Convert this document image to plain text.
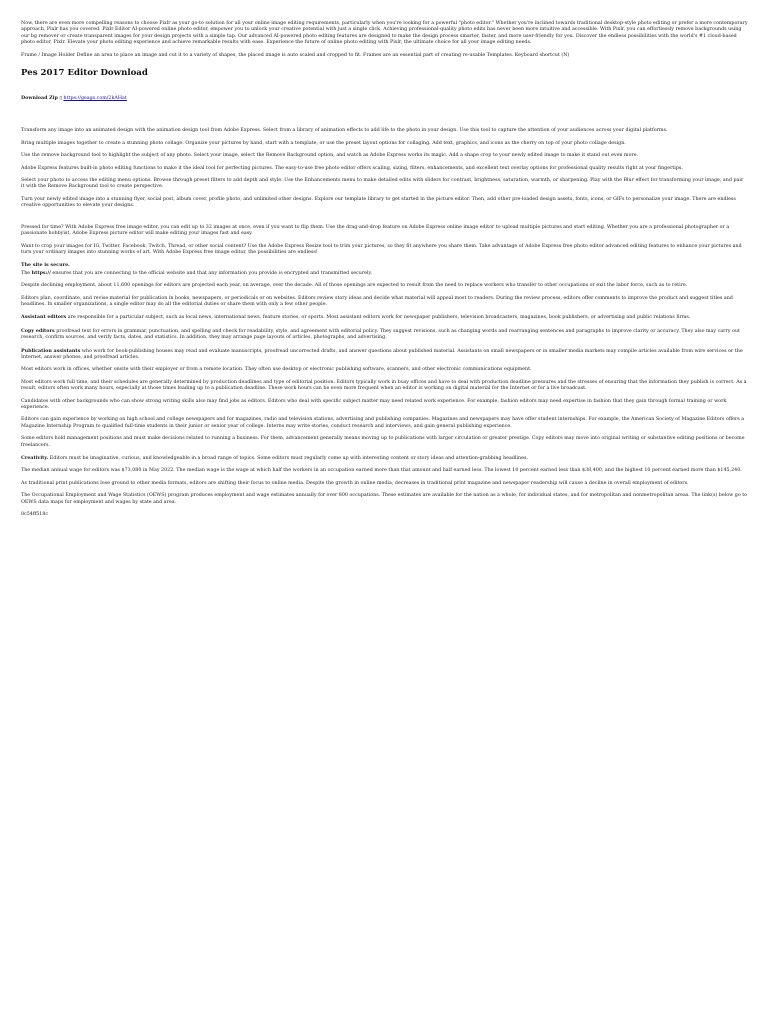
Now, there are even more compelling reasons to choose Pixlr as your go-to solution for all your online image editing requirements, particularly when you're looking for a powerful "photo editor." Whether you're inclined towards traditional desktop-style photo editing or prefer a more contemporary approach, Pixlr has you covered. Pixlr Editor AI-powered online photo editor, empower you to unlock your creative potential with just a single click. Achieving professional-quality photo edits has never been more intuitive and accessible. With Pixlr, you can effortlessly remove backgrounds using our bg remover or create transparent images for your design projects with a simple tap. Our advanced AI-powered photo editing features are designed to make the design process smarter, faster, and more user-friendly for you. Discover the endless possibilities with the world's #1 cloud-based photo editor, Pixlr. Elevate your photo editing experience and achieve remarkable results with ease. Experience the future of online photo editing with Pixlr, the ultimate choice for all your image editing needs.

Frame / Image Holder Define an area to place an image and cut it to a variety of shapes, the placed image is auto scaled and cropped to fit. Frames are an essential part of creating re-usable Templates. Keyboard shortcut (N)

Pes 2017 Editor Download

Download Zip ▯ https://geags.com/2kAHat

Transform any image into an animated design with the animation design tool from Adobe Express. Select from a library of animation effects to add life to the photo in your design. Use this tool to capture the attention of your audiences across your digital platforms.

Bring multiple images together to create a stunning photo collage. Organize your pictures by hand, start with a template, or use the preset layout options for collaging. Add text, graphics, and icons as the cherry on top of your photo collage design.

Use the remove background tool to highlight the subject of any photo. Select your image, select the Remove Background option, and watch as Adobe Express works its magic. Add a shape crop to your newly edited image to make it stand out even more.

Adobe Express features built-in photo editing functions to make it the ideal tool for perfecting pictures. The easy-to-use free photo editor offers scaling, sizing, filters, enhancements, and excellent text overlay options for professional quality results right at your fingertips.

Select your photo to access the editing menu options. Browse through preset filters to add depth and style. Use the Enhancements menu to make detailed edits with sliders for contrast, brightness, saturation, warmth, or sharpening. Play with the Blur effect for transforming your image, and pair it with the Remove Background tool to create perspective.

Turn your newly edited image into a stunning flyer, social post, album cover, profile photo, and unlimited other designs. Explore our template library to get started in the picture editor. Then, add other pre-loaded design assets, fonts, icons, or GIFs to personalize your image. There are endless creative opportunities to elevate your designs.

Pressed for time? With Adobe Express free image editor, you can edit up to 32 images at once, even if you want to flip them. Use the drag-and-drop feature on Adobe Express online image editor to upload multiple pictures and start editing. Whether you are a professional photographer or a passionate hobbyist, Adobe Express picture editor will make editing your images fast and easy.

Want to crop your images for IG, Twitter, Facebook, Twitch, Thread, or other social content? Use the Adobe Express Resize tool to trim your pictures, so they fit anywhere you share them. Take advantage of Adobe Express free photo editor advanced editing features to enhance your pictures and turn your ordinary images into stunning works of art. With Adobe Express free image editor, the possibilities are endless!

The site is secure.

The https:// ensures that you are connecting to the official website and that any information you provide is encrypted and transmitted securely.

Despite declining employment, about 11,600 openings for editors are projected each year, on average, over the decade. All of those openings are expected to result from the need to replace workers who transfer to other occupations or exit the labor force, such as to retire.

Editors plan, coordinate, and revise material for publication in books, newspapers, or periodicals or on websites. Editors review story ideas and decide what material will appeal most to readers. During the review process, editors offer comments to improve the product and suggest titles and headlines. In smaller organizations, a single editor may do all the editorial duties or share them with only a few other people.

Assistant editors are responsible for a particular subject, such as local news, international news, feature stories, or sports. Most assistant editors work for newspaper publishers, television broadcasters, magazines, book publishers, or advertising and public relations firms.

Copy editors proofread text for errors in grammar, punctuation, and spelling and check for readability, style, and agreement with editorial policy. They suggest revisions, such as changing words and rearranging sentences and paragraphs to improve clarity or accuracy. They also may carry out research, confirm sources, and verify facts, dates, and statistics. In addition, they may arrange page layouts of articles, photographs, and advertising.

Publication assistants who work for book-publishing houses may read and evaluate manuscripts, proofread uncorrected drafts, and answer questions about published material. Assistants on small newspapers or in smaller media markets may compile articles available from wire services or the Internet, answer phones, and proofread articles.

Most editors work in offices, whether onsite with their employer or from a remote location. They often use desktop or electronic publishing software, scanners, and other electronic communications equipment.

Most editors work full time, and their schedules are generally determined by production deadlines and type of editorial position. Editors typically work in busy offices and have to deal with production deadline pressures and the stresses of ensuring that the information they publish is correct. As a result, editors often work many hours, especially at those times leading up to a publication deadline. These work hours can be even more frequent when an editor is working on digital material for the Internet or for a live broadcast.

Candidates with other backgrounds who can show strong writing skills also may find jobs as editors. Editors who deal with specific subject matter may need related work experience. For example, fashion editors may need expertise in fashion that they gain through formal training or work experience.

Editors can gain experience by working on high school and college newspapers and for magazines, radio and television stations, advertising and publishing companies. Magazines and newspapers may have offer student internships. For example, the American Society of Magazine Editors offers a Magazine Internship Program to qualified full-time students in their junior or senior year of college. Interns may write stories, conduct research and interviews, and gain general publishing experience.

Some editors hold management positions and must make decisions related to running a business. For them, advancement generally means moving up to publications with larger circulation or greater prestige. Copy editors may move into original writing or substantive editing positions or become freelancers.

Creativity. Editors must be imaginative, curious, and knowledgeable in a broad range of topics. Some editors must regularly come up with interesting content or story ideas and attention-grabbing headlines.

The median annual wage for editors was $73,080 in May 2022. The median wage is the wage at which half the workers in an occupation earned more than that amount and half earned less. The lowest 10 percent earned less than $38,400, and the highest 10 percent earned more than $145,240.

As traditional print publications lose ground to other media formats, editors are shifting their focus to online media. Despite the growth in online media, decreases in traditional print magazine and newspaper readership will cause a decline in overall employment of editors.

The Occupational Employment and Wage Statistics (OEWS) program produces employment and wage estimates annually for over 800 occupations. These estimates are available for the nation as a whole, for individual states, and for metropolitan and nonmetropolitan areas. The link(s) below go to OEWS data maps for employment and wages by state and area.

8c54ff518c
